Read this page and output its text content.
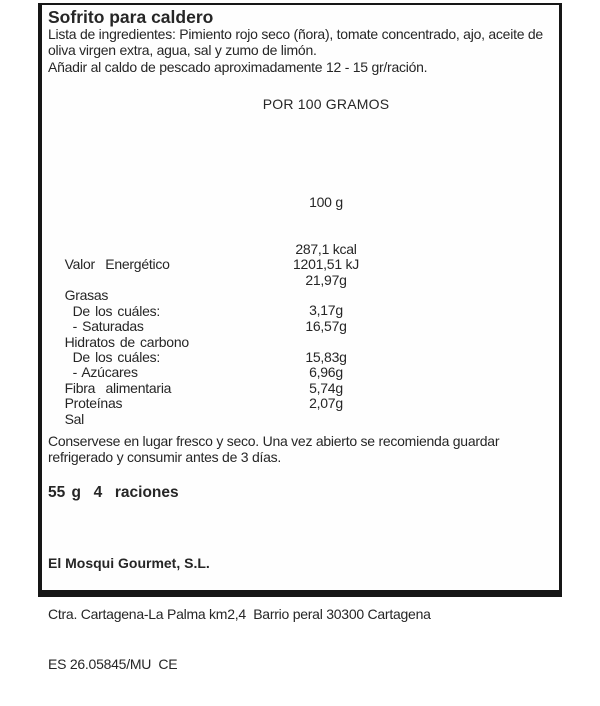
Sofrito para caldero
Lista de ingredientes: Pimiento rojo seco (ñora), tomate concentrado, ajo, aceite de oliva virgen extra, agua, sal y zumo de limón.
Añadir al caldo de pescado aproximadamente 12 - 15 gr/ración.
POR 100 GRAMOS

100 g

Valor  Energético

287,1 kcal

1201,51 kJ

Grasas

21,97g

De los cuáles:

- Saturadas

3,17g

Hidratos de carbono

16,57g

De los cuáles:

- Azúcares

15,83g

Fibra  alimentaria

6,96g

Proteínas

5,74g

Sal

2,07g

Conservese en lugar fresco y seco. Una vez abierto se recomienda guardar refrigerado y consumir antes de 3 días.
55 g  4  raciones

El Mosqui Gourmet, S.L.

Ctra. Cartagena-La Palma km2,4  Barrio peral 30300 Cartagena

ES 26.05845/MU  CE
